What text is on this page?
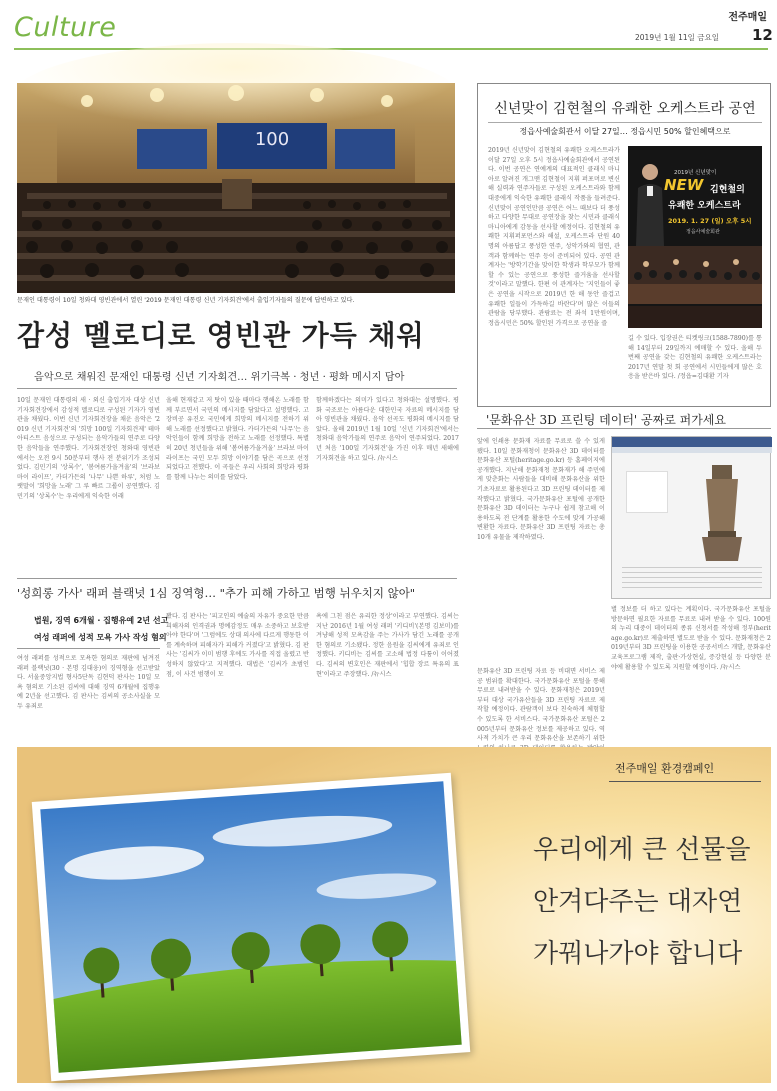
Culture	전주매일
2019년 1월 11일 금요일 12
100
문재인 대통령이 10일 청와대 영빈관에서 열린 '2019 문재인 대통령 신년 기자회견'에서 출입기자들의 질문에 답변하고 있다.
감성 멜로디로 영빈관 가득 채워
음악으로 채워진 문재인 대통령 신년 기자회견… 위기극복 · 청년 · 평화 메시지 담아
10일 문재인 대통령의 새 · 외신 출입기자 대상 신년 기자회견장에서 감성적 멜로디로 구성된 기자가 영빈관을 채웠다. 이번 신년 기자회견장을 채운 음악은 '2019 신년 기자회견'의 '희망 100일 기자회견제' 테마 아티스트 음성으로 구성되는 음악가들의 연주로 다양한 음악들을 연주했다. 기자회견장인 청와대 영빈관에서는 오전 9시 50분부터 행사 전 분위기가 조성되었다. 김민기의 '상록수', '봄여름가을겨울'의 '브라보 마이 라이프', 카더가든의 '나무' 나쁜 하루', 처럼 노랫말이 '희망을 노래' 그 루 빠르 그룹이 공연했다. 김민기의 '상록수'는 우리에게 익숙한 이래
올해 현재같고 저 탓이 있을 때마다 행해온 노래를 함께 부르면서 국민의 메시지를 담았다고 설명했다. 고 장비공 유진오 국민에게 희망의 메시지를 전하기 위해 노래를 선정했다고 밝혔다. 카더가든의 '나무'는 음악인들이 함께 희망을 전하고 노래를 선정했다. 특별히 20년 청년들을 위해 '봄여름가을겨울' 브라보 마이 라이프는 국민 모두 희망 이야기를 담은 곡으로 선정되었다고 전했다. 이 곡들은 우리 사회의 희망과 평화를 함께 나누는 의미를 담았다.
함께하겠다는 의미가 있다고 청와대는 설명했다. 평화 국조로는 아름다운 대한민국 자료의 메시지를 담아 영빈관을 채웠다. 음악 선곡도 평화의 메시지를 담았다. 올해 2019년 1월 10일 '신년 기자회견'에서는 청와대 음악가들의 연주로 음악이 연주되었다. 2017년 처음 '100일 기자회견'을 가진 이후 매년 새해에 기자회견을 하고 있다. /뉴시스
신년맞이 김현철의 유쾌한 오케스트라 공연
정읍사예술회관서 이달 27일… 정읍시민 50% 할인혜택으로
2019년 신년맞이 김현철의 유쾌한 오케스트라가 이달 27일 오후 5시 정읍사예술회관에서 공연된다. 이번 공연은 연예계의 대표적인 클래식 마니아로 알려진 개그맨 김현철이 지휘 퍼포머로 변신해 실력과 연주자들로 구성된 오케스트라와 함께 대중에게 익숙한 유쾌한 클래식 작품을 들려준다. 신년맞이 공연인만큼 공연은 어느 때보다 더 풍성하고 다양한 무대로 공연장을 찾는 시민과 클래식 마니아에게 감동을 선사할 예정이다. 김현철의 유쾌한 지휘퍼포먼스와 해설, 오케스트라 단원 40명의 아름답고 풍성한 연주, 성악가와의 협연, 관객과 함께하는 연주 등이 준비되어 있다. 공연 관계자는 '방학기간을 맞이한 학생과 학부모가 함께할 수 있는 공연으로 풍성한 즐거움을 선사할 것'이라고 말했다. 한편 이 관계자는 '지인들이 좋은 공연을 시작으로 2019년 한 해 동안 즐겁고 유쾌한 일들이 가득하길 바란다'며 많은 이들의 관람을 당부했다. 관람료는 전 좌석 1만원이며, 정읍시민은 50% 할인된 가격으로 공연을 즐
2019년 신년맞이
NEW 김현철의
유쾌한 오케스트라
2019. 1. 27 (일) 오후 5시
정읍사예술회관
길 수 있다. 입장권은 티켓링크(1588-7890)를 통해 14일부터 29일까지 예매할 수 있다. 올해 두 번째 공연을 갖는 김현철의 유쾌한 오케스트라는 2017년 연말 첫 회 공연에서 시민들에게 많은 호응을 받은바 있다. /정읍=김대환 기자
'문화유산 3D 프린팅 데이터' 공짜로 퍼가세요
앞에 인쇄용 문화재 자료를 무료로 쓸 수 있게 됐다. 10일 문화재청이 문화유산 3D 데이터를 문화유산 포털(heritage.go.kr) 등 홈페이지에 공개했다. 지난해 문화재청 문화재가 해 주민에게 맞춘화는 사람들을 대비해 문화유산을 위한 기초자료로 활용된다고 3D 프린팅 데이터를 제작했다고 밝혔다. 국가문화유산 포털에 공개한 문화유산 3D 데이터는 누구나 쉽게 참고해 이용하도록 전 단계를 활용한 수도에 맞게 가공해 변환한 자료다. 문화유산 3D 프린팅 자료는 총 10개 유물을 제작하였다.
문화유산 3D 프린팅 자료 등 비대면 서비스 제공 범위를 확대한다. 국가문화유산 포털을 통해 무료로 내려받을 수 있다. 문화재청은 2019년부터 대상 국가유산들을 3D 프린팅 자료로 제작할 예정이다. 관람객이 보다 친숙하게 체험할 수 있도록 한 서비스다. 국가문화유산 포털은 2005년부터 문화유산 정보를 제공하고 있다. 역사적 가치가 큰 우리 문화유산을 보존하기 위한
별 정보를 더 하고 있다는 계획이다. 국가문화유산 포털을 방문하면 필요한 자료를 무료로 내려 받을 수 있다. 100원의 누리 대중이 데이터의 종류 신청서를 작성해 정부(heritage.go.kr)로 제출하면 별도로 받을 수 있다. 문화재청은 2019년부터 3D 프린팅을 이용한 공공서비스 개발, 문화유산 교육프로그램 제작, 출판·가상현실, 증강현실 등 다양한 분야에 활용할 수 있도록 지원할 예정이다. /뉴시스
'성희롱 가사' 래퍼 블랙넛 1심 징역형… "추가 피해 가하고 범행 뉘우치지 않아"
법원, 징역 6개월 · 집행유예 2년 선고
여성 래퍼에 성적 모욕 가사 작성 혐의
여성 래퍼를 성적으로 모욕한 혐의로 재판에 넘겨진 래퍼 블랙넛(30 · 본명 김대웅)이 징역형을 선고받았다. 서울중앙지법 형사5단독 김현덕 판사는 10일 모욕 혐의로 기소된 김씨에 대해 징역 6개월에 집행유예 2년을 선고했다. 김 판사는 김씨의 공소사실을 모두 유죄로
봤다. 김 판사는 '피고인의 예술의 자유가 중요한 만큼 피해자의 인격권과 명예감정도 매우 소중하고 보호받아야 한다'며 '그럼에도 상대 의사에 다르게 행동한 이를 계속하며 피해자가 피해가 커졌다'고 밝혔다. 김 판사는 '김씨가 이미 범행 후에도 가사를 직접 올렸고 반성하지 않았다'고 지적했다. 대법은 '김씨가 초범인 점, 이 사건 범행이 모
욕에 그친 점은 유리한 정상'이라고 부연했다. 김씨는 지난 2016년 1월 여성 래퍼 '키디비'(본명 김보미)를 겨냥해 성적 모욕감을 주는 가사가 담긴 노래를 공개한 혐의로 기소됐다. 정한 음원을 김씨에게 유죄로 인정했다. 키디비는 김씨를 고소해 법정 다툼이 이어졌다. 김씨의 변호인은 재판에서 '힙합 장르 특유의 표현'이라고 주장했다. /뉴시스
전주매일 환경캠페인
우리에게 큰 선물을
안겨다주는 대자연
가꿔나가야 합니다
